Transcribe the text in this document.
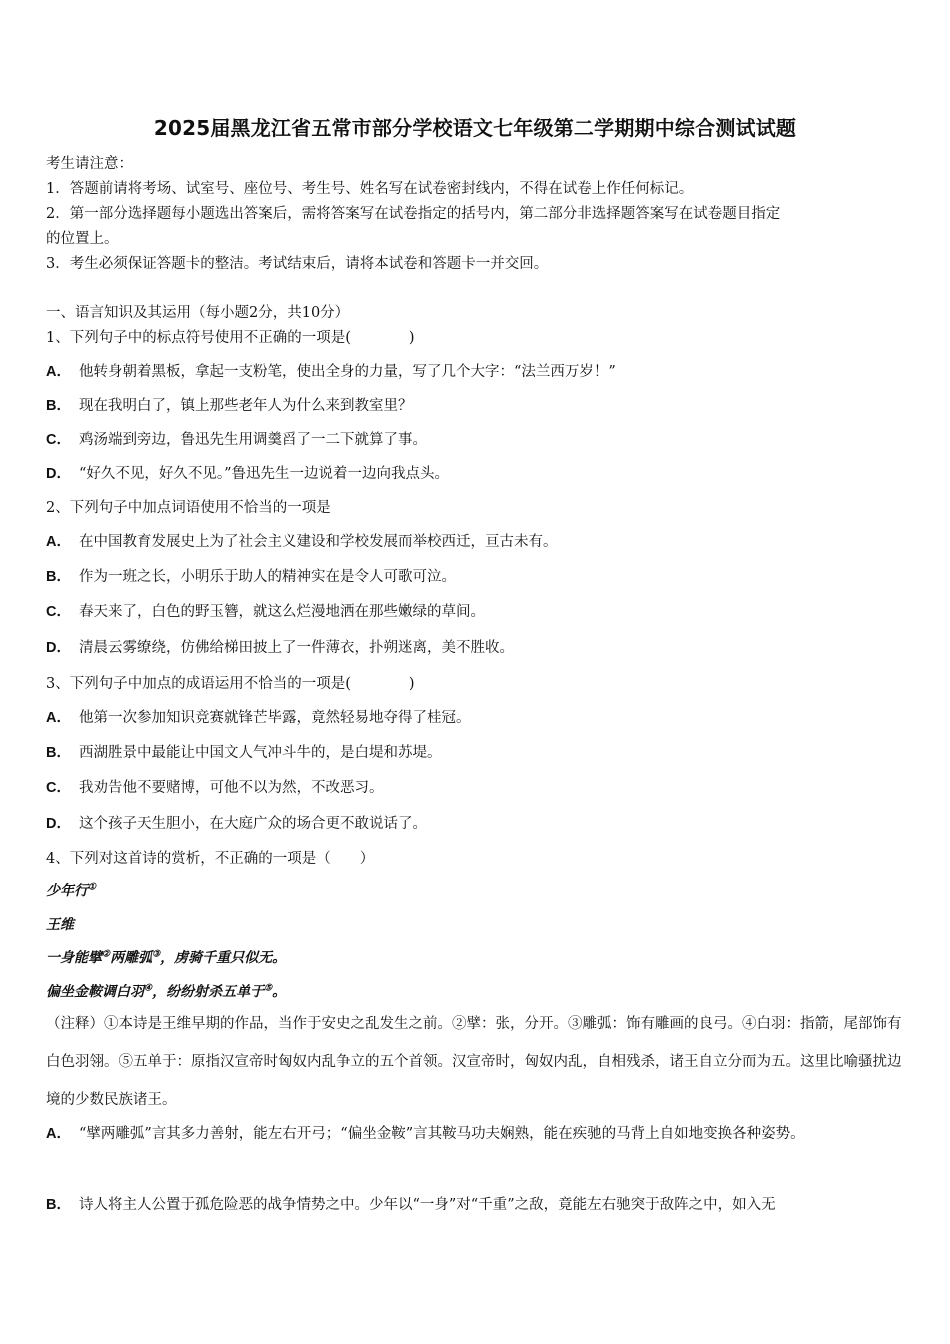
2025届黑龙江省五常市部分学校语文七年级第二学期期中综合测试试题
考生请注意：
1．答题前请将考场、试室号、座位号、考生号、姓名写在试卷密封线内，不得在试卷上作任何标记。
2．第一部分选择题每小题选出答案后，需将答案写在试卷指定的括号内，第二部分非选择题答案写在试卷题目指定
的位置上。
3．考生必须保证答题卡的整洁。考试结束后，请将本试卷和答题卡一并交回。
一、语言知识及其运用（每小题2分，共10分）
1、下列句子中的标点符号使用不正确的一项是(　　　　)
A． 他转身朝着黑板，拿起一支粉笔，使出全身的力量，写了几个大字：“法兰西万岁！”
B． 现在我明白了，镇上那些老年人为什么来到教室里？
C． 鸡汤端到旁边，鲁迅先生用调羹舀了一二下就算了事。
D． “好久不见，好久不见。”鲁迅先生一边说着一边向我点头。
2、下列句子中加点词语使用不恰当的一项是
A． 在中国教育发展史上为了社会主义建设和学校发展而举校西迁，亘古未有。
B． 作为一班之长，小明乐于助人的精神实在是令人可歌可泣。
C． 春天来了，白色的野玉簪，就这么烂漫地洒在那些嫩绿的草间。
D． 清晨云雾缭绕，仿佛给梯田披上了一件薄衣，扑朔迷离，美不胜收。
3、下列句子中加点的成语运用不恰当的一项是(　　　　)
A． 他第一次参加知识竞赛就锋芒毕露，竟然轻易地夺得了桂冠。
B． 西湖胜景中最能让中国文人气冲斗牛的，是白堤和苏堤。
C． 我劝告他不要赌博，可他不以为然，不改恶习。
D． 这个孩子天生胆小，在大庭广众的场合更不敢说话了。
4、下列对这首诗的赏析，不正确的一项是（　　）
少年行①
王维
一身能擘②两雕弧③，虏骑千重只似无。
偏坐金鞍调白羽④，纷纷射杀五单于⑤。
（注释）①本诗是王维早期的作品，当作于安史之乱发生之前。②擘：张，分开。③雕弧：饰有雕画的良弓。④白羽：指箭，尾部饰有白色羽翎。⑤五单于：原指汉宣帝时匈奴内乱争立的五个首领。汉宣帝时，匈奴内乱，自相残杀，诸王自立分而为五。这里比喻骚扰边境的少数民族诸王。
A． “擘两雕弧”言其多力善射，能左右开弓；“偏坐金鞍”言其鞍马功夫娴熟，能在疾驰的马背上自如地变换各种姿势。
B． 诗人将主人公置于孤危险恶的战争情势之中。少年以“一身”对“千重”之敌，竟能左右驰突于敌阵之中，如入无
